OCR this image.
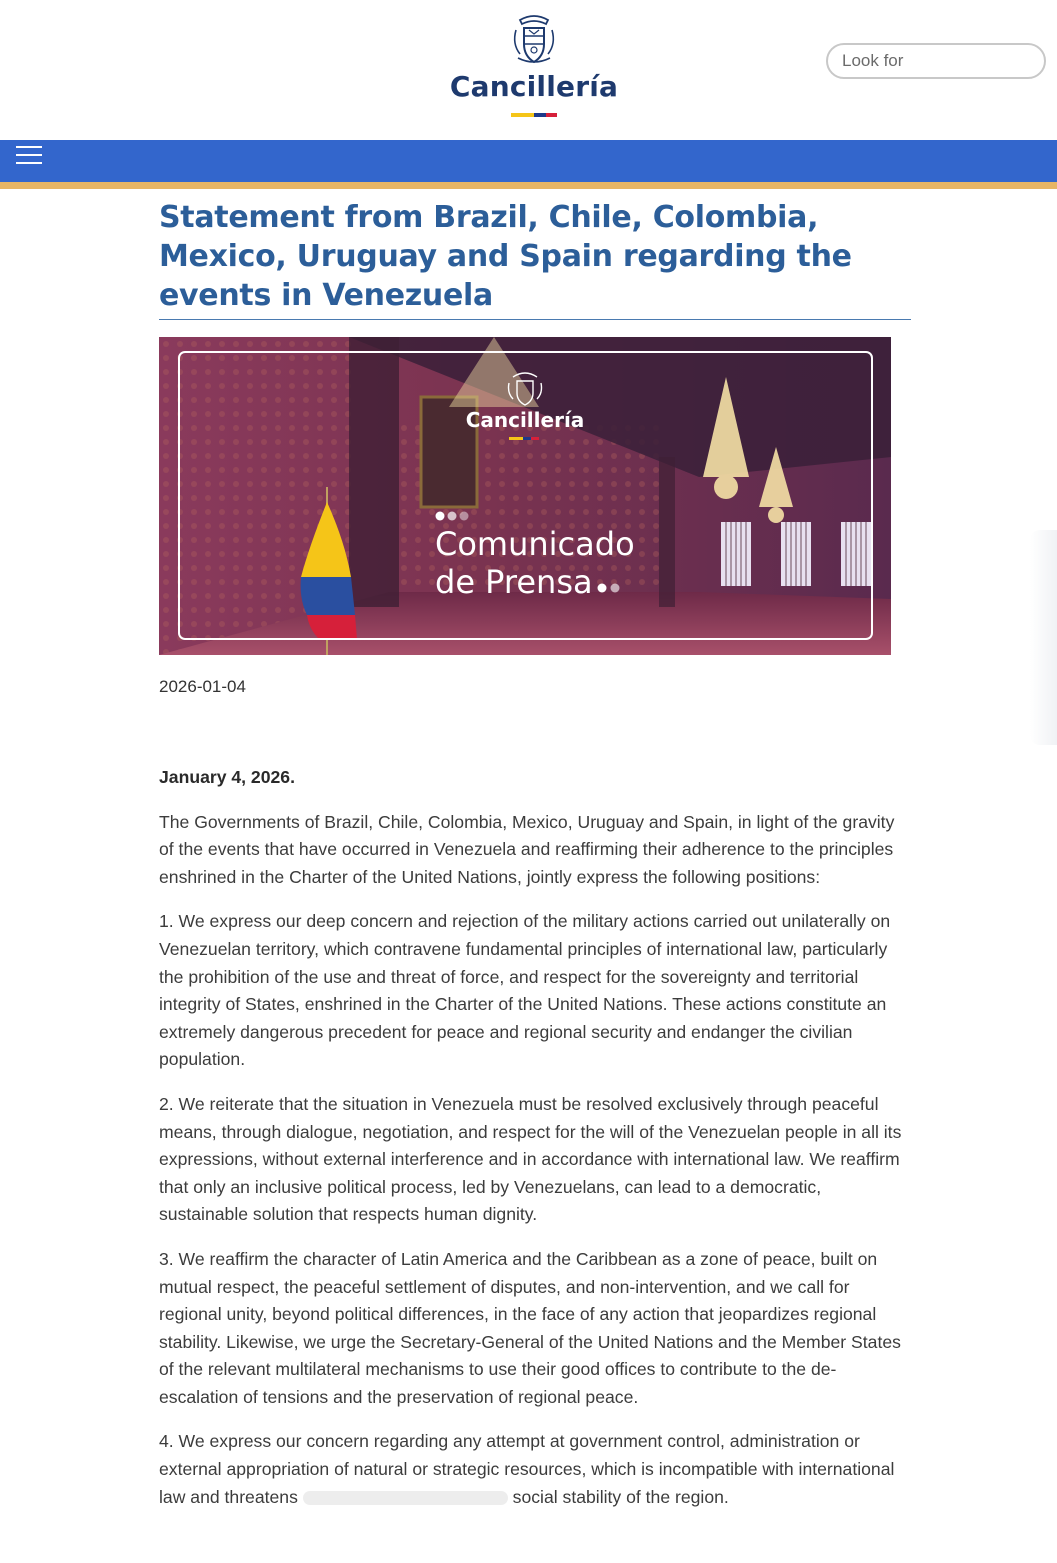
Cancillería
Look for
Statement from Brazil, Chile, Colombia, Mexico, Uruguay and Spain regarding the events in Venezuela
Cancillería
Comunicado
de Prensa
2026-01-04

January 4, 2026.

The Governments of Brazil, Chile, Colombia, Mexico, Uruguay and Spain, in light of the gravity of the events that have occurred in Venezuela and reaffirming their adherence to the principles enshrined in the Charter of the United Nations, jointly express the following positions:

1. We express our deep concern and rejection of the military actions carried out unilaterally on Venezuelan territory, which contravene fundamental principles of international law, particularly the prohibition of the use and threat of force, and respect for the sovereignty and territorial integrity of States, enshrined in the Charter of the United Nations. These actions constitute an extremely dangerous precedent for peace and regional security and endanger the civilian population.

2. We reiterate that the situation in Venezuela must be resolved exclusively through peaceful means, through dialogue, negotiation, and respect for the will of the Venezuelan people in all its expressions, without external interference and in accordance with international law. We reaffirm that only an inclusive political process, led by Venezuelans, can lead to a democratic, sustainable solution that respects human dignity.

3. We reaffirm the character of Latin America and the Caribbean as a zone of peace, built on mutual respect, the peaceful settlement of disputes, and non-intervention, and we call for regional unity, beyond political differences, in the face of any action that jeopardizes regional stability. Likewise, we urge the Secretary-General of the United Nations and the Member States of the relevant multilateral mechanisms to use their good offices to contribute to the de-escalation of tensions and the preservation of regional peace.

4. We express our concern regarding any attempt at government control, administration or external appropriation of natural or strategic resources, which is incompatible with international law and threatens	social stability of the region.
